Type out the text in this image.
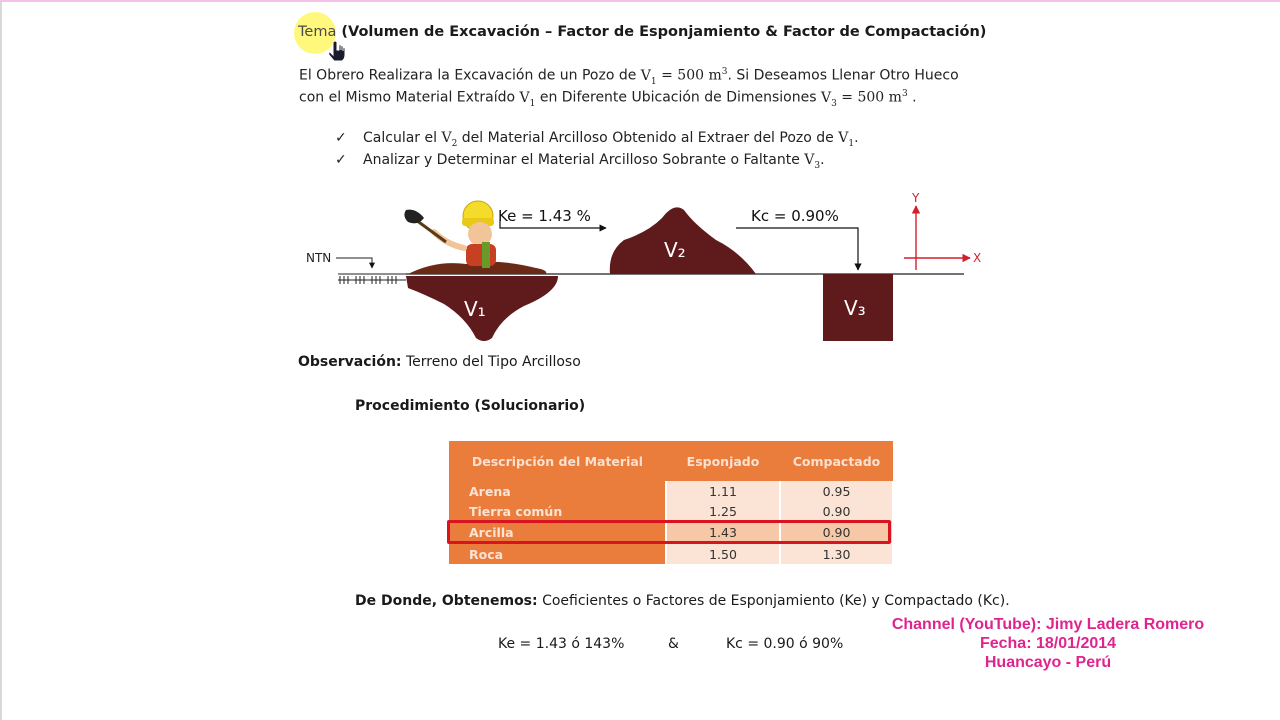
Tema (Volumen de Excavación – Factor de Esponjamiento & Factor de Compactación)
El Obrero Realizara la Excavación de un Pozo de $V_1 = 500$ $m^3$. Si Deseamos Llenar Otro Hueco
con el Mismo Material Extraído $V_1$ en Diferente Ubicación de Dimensiones $V_3 = 500$ $m^3$ .
✓ Calcular el $V_2$ del Material Arcilloso Obtenido al Extraer del Pozo de $V_1$.
✓ Analizar y Determinar el Material Arcilloso Sobrante o Faltante $V_3$.
NTN
V₁
Ke = 1.43 %
V₂
Kc = 0.90%
V₃
Y
X
Observación: Terreno del Tipo Arcilloso
Procedimiento (Solucionario)
Descripción del Material	Esponjado	Compactado
Arena	1.11	0.95
Tierra común	1.25	0.90
Arcilla	1.43	0.90
Roca	1.50	1.30
De Donde, Obtenemos: Coeficientes o Factores de Esponjamiento (Ke) y Compactado (Kc).
Ke = 1.43 ó 143%	&	Kc = 0.90 ó 90%
Channel (YouTube): Jimy Ladera Romero
Fecha: 18/01/2014
Huancayo - Perú
